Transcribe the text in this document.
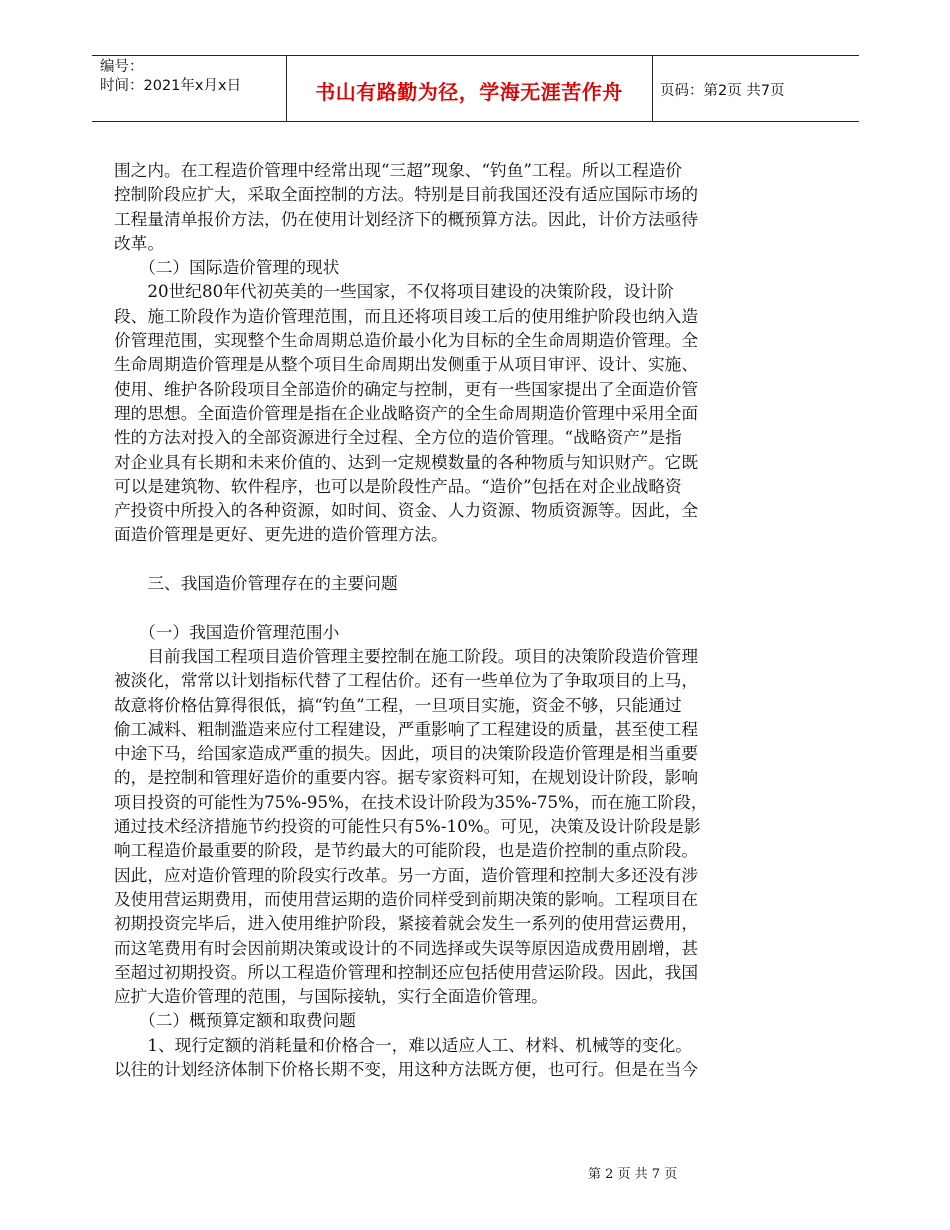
编号：
时间：2021年x月x日	书山有路勤为径，学海无涯苦作舟	页码：第2页 共7页
围之内。在工程造价管理中经常出现“三超”现象、“钓鱼”工程。所以工程造价
控制阶段应扩大，采取全面控制的方法。特别是目前我国还没有适应国际市场的
工程量清单报价方法，仍在使用计划经济下的概预算方法。因此，计价方法亟待
改革。
　　（二）国际造价管理的现状
　　20世纪80年代初英美的一些国家，不仅将项目建设的决策阶段，设计阶
段、施工阶段作为造价管理范围，而且还将项目竣工后的使用维护阶段也纳入造
价管理范围，实现整个生命周期总造价最小化为目标的全生命周期造价管理。全
生命周期造价管理是从整个项目生命周期出发侧重于从项目审评、设计、实施、
使用、维护各阶段项目全部造价的确定与控制，更有一些国家提出了全面造价管
理的思想。全面造价管理是指在企业战略资产的全生命周期造价管理中采用全面
性的方法对投入的全部资源进行全过程、全方位的造价管理。“战略资产”是指
对企业具有长期和未来价值的、达到一定规模数量的各种物质与知识财产。它既
可以是建筑物、软件程序，也可以是阶段性产品。“造价”包括在对企业战略资
产投资中所投入的各种资源，如时间、资金、人力资源、物质资源等。因此，全
面造价管理是更好、更先进的造价管理方法。
　　三、我国造价管理存在的主要问题
　　（一）我国造价管理范围小
　　目前我国工程项目造价管理主要控制在施工阶段。项目的决策阶段造价管理
被淡化，常常以计划指标代替了工程估价。还有一些单位为了争取项目的上马，
故意将价格估算得很低，搞“钓鱼”工程，一旦项目实施，资金不够，只能通过
偷工减料、粗制滥造来应付工程建设，严重影响了工程建设的质量，甚至使工程
中途下马，给国家造成严重的损失。因此，项目的决策阶段造价管理是相当重要
的，是控制和管理好造价的重要内容。据专家资料可知，在规划设计阶段，影响
项目投资的可能性为75%-95%，在技术设计阶段为35%-75%，而在施工阶段，
通过技术经济措施节约投资的可能性只有5%-10%。可见，决策及设计阶段是影
响工程造价最重要的阶段，是节约最大的可能阶段，也是造价控制的重点阶段。
因此，应对造价管理的阶段实行改革。另一方面，造价管理和控制大多还没有涉
及使用营运期费用，而使用营运期的造价同样受到前期决策的影响。工程项目在
初期投资完毕后，进入使用维护阶段，紧接着就会发生一系列的使用营运费用，
而这笔费用有时会因前期决策或设计的不同选择或失误等原因造成费用剧增，甚
至超过初期投资。所以工程造价管理和控制还应包括使用营运阶段。因此，我国
应扩大造价管理的范围，与国际接轨，实行全面造价管理。
　　（二）概预算定额和取费问题
　　1、现行定额的消耗量和价格合一，难以适应人工、材料、机械等的变化。
以往的计划经济体制下价格长期不变，用这种方法既方便，也可行。但是在当今
第 2 页 共 7 页
